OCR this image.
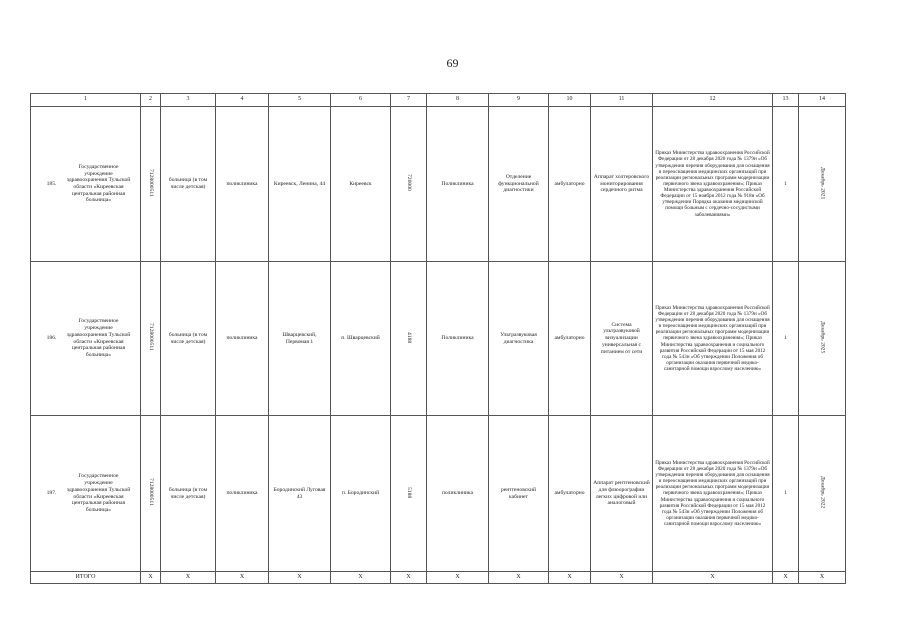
69
1	2	3	4	5	6	7	8	9	10	11	12	13	14
185.Государственное учреждение здравоохранения Тульской области «Киреевская центральная районная больница»	7128000511	больница (в том числе детская)	поликлиника	Киреевск, Ленина, 44	Киреевск	720000	Поликлиника	Отделение функциональной диагностики	амбулаторно	Аппарат холтеровского мониторирования сердечного ритма	Приказ Министерства здравоохранения Российской Федерации от 28 декабря 2020 года № 1379н «Об утверждении перечня оборудования для оснащения и переоснащения медицинских организаций при реализации региональных программ модернизации первичного звена здравоохранения»; Приказ Министерства здравоохранения Российской Федерации от 15 ноября 2012 года № 918н «Об утверждении Порядка оказания медицинской помощи больным с сердечно-сосудистыми заболеваниями»	1	Декабрь 2021
186.Государственное учреждение здравоохранения Тульской области «Киреевская центральная районная больница»	7128000511	больница (в том числе детская)	поликлиника	Шварцевский, Первомая 1	п. Шварцевский	4188	Поликлиника	Ультразвуковая диагностика	амбулаторно	Система ультразвуковой визуализации универсальная с питанием от сети	Приказ Министерства здравоохранения Российской Федерации от 28 декабря 2020 года № 1379н «Об утверждении перечня оборудования для оснащения и переоснащения медицинских организаций при реализации региональных программ модернизации первичного звена здравоохранения»; Приказ Министерства здравоохранения и социального развития Российской Федерации от 15 мая 2012 года № 543н «Об утверждении Положения об организации оказания первичной медико-санитарной помощи взрослому населению»	1	Декабрь 2025
187.Государственное учреждение здравоохранения Тульской области «Киреевская центральная районная больница»	7128000511	больница (в том числе детская)	поликлиника	Бородинский Луговая 43	п. Бородинский	5188	поликлиника	рентгеновский кабинет	амбулаторно	Аппарат рентгеновский для флюорографии легких цифровой или аналоговый	Приказ Министерства здравоохранения Российской Федерации от 28 декабря 2020 года № 1379н «Об утверждении перечня оборудования для оснащения и переоснащения медицинских организаций при реализации региональных программ модернизации первичного звена здравоохранения»; Приказ Министерства здравоохранения и социального развития Российской Федерации от 15 мая 2012 года № 543н «Об утверждении Положения об организации оказания первичной медико-санитарной помощи взрослому населению»	1	Декабрь 2022
ИТОГО	Х	Х	Х	Х	Х	Х	Х	Х	Х	Х	Х	Х	Х
